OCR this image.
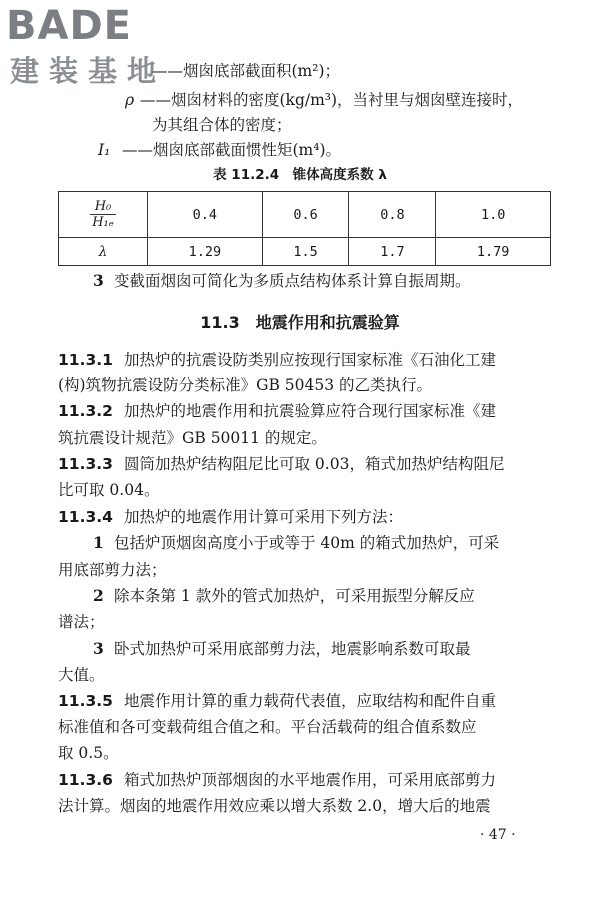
BADE
建装基地
——烟囱底部截面积(m²)；
ρ ——烟囱材料的密度(kg/m³)，当衬里与烟囱壁连接时，
为其组合体的密度；
I₁ ——烟囱底部截面惯性矩(m⁴)。
表 11.2.4　锥体高度系数 λ
$\frac{\text{H₀}}{\text{H₁ₑ}}$	0.4	0.6	0.8	1.0
λ	1.29	1.5	1.7	1.79
3 变截面烟囱可简化为多质点结构体系计算自振周期。
11.3　地震作用和抗震验算
11.3.1 加热炉的抗震设防类别应按现行国家标准《石油化工建
(构)筑物抗震设防分类标准》GB 50453 的乙类执行。
11.3.2 加热炉的地震作用和抗震验算应符合现行国家标准《建
筑抗震设计规范》GB 50011 的规定。
11.3.3 圆筒加热炉结构阻尼比可取 0.03，箱式加热炉结构阻尼
比可取 0.04。
11.3.4 加热炉的地震作用计算可采用下列方法：
1 包括炉顶烟囱高度小于或等于 40m 的箱式加热炉，可采
用底部剪力法；
2 除本条第 1 款外的管式加热炉，可采用振型分解反应
谱法；
3 卧式加热炉可采用底部剪力法，地震影响系数可取最
大值。
11.3.5 地震作用计算的重力载荷代表值，应取结构和配件自重
标准值和各可变载荷组合值之和。平台活载荷的组合值系数应
取 0.5。
11.3.6 箱式加热炉顶部烟囱的水平地震作用，可采用底部剪力
法计算。烟囱的地震作用效应乘以增大系数 2.0，增大后的地震
· 47 ·
